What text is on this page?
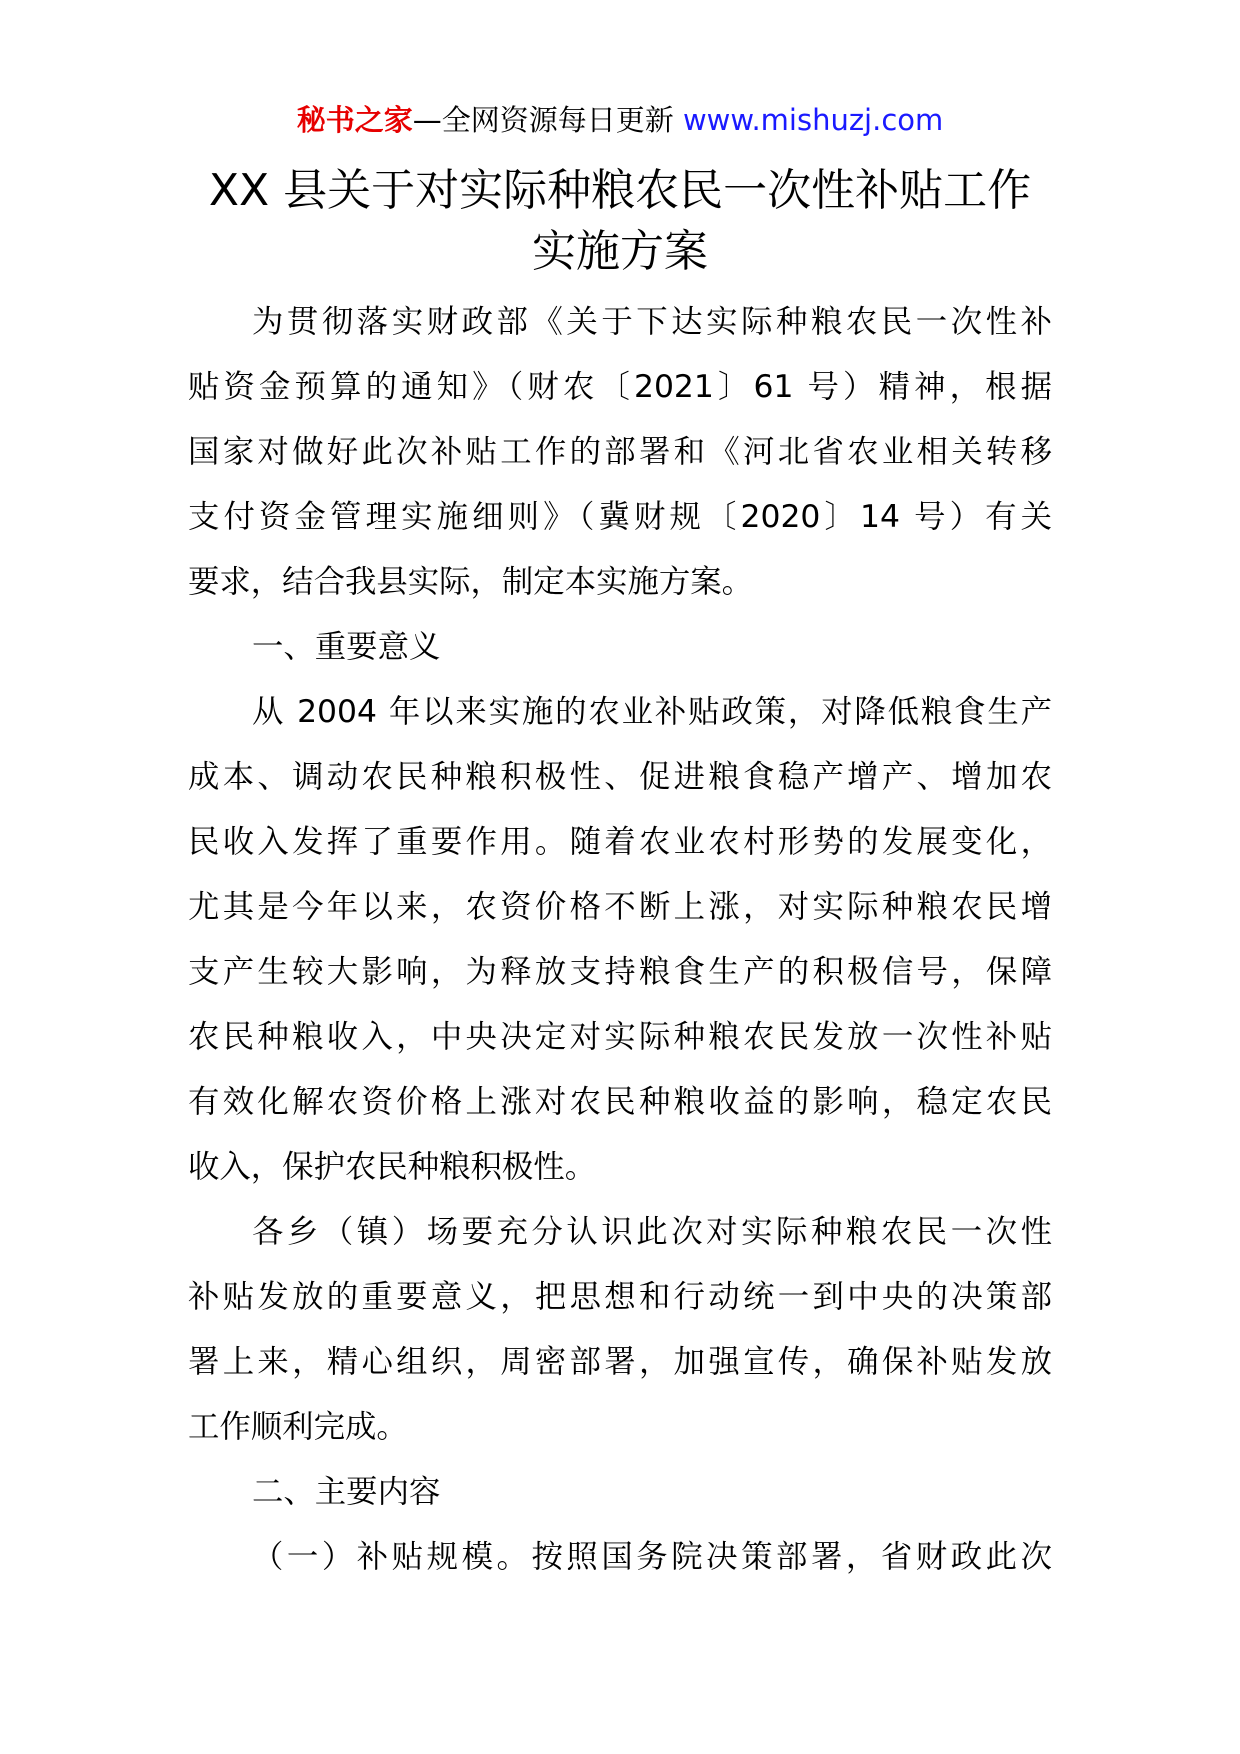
秘书之家—全网资源每日更新 www.mishuzj.com
XX 县关于对实际种粮农民一次性补贴工作
实施方案
为贯彻落实财政部《关于下达实际种粮农民一次性补
贴资金预算的通知》（财农〔2021〕61 号）精神，根据
国家对做好此次补贴工作的部署和《河北省农业相关转移
支付资金管理实施细则》（冀财规〔2020〕14 号）有关
要求，结合我县实际，制定本实施方案。
一、重要意义
从 2004 年以来实施的农业补贴政策，对降低粮食生产
成本、调动农民种粮积极性、促进粮食稳产增产、增加农
民收入发挥了重要作用。随着农业农村形势的发展变化，
尤其是今年以来，农资价格不断上涨，对实际种粮农民增
支产生较大影响，为释放支持粮食生产的积极信号，保障
农民种粮收入，中央决定对实际种粮农民发放一次性补贴
有效化解农资价格上涨对农民种粮收益的影响，稳定农民
收入，保护农民种粮积极性。
各乡（镇）场要充分认识此次对实际种粮农民一次性
补贴发放的重要意义，把思想和行动统一到中央的决策部
署上来，精心组织，周密部署，加强宣传，确保补贴发放
工作顺利完成。
二、主要内容
（一）补贴规模。按照国务院决策部署，省财政此次
